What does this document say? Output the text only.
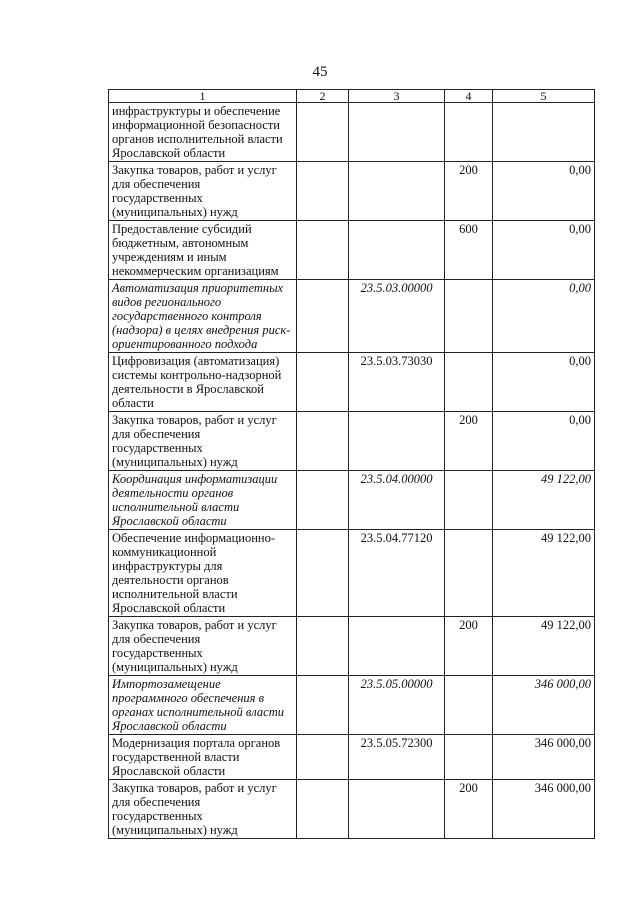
45
1	2	3	4	5
инфраструктуры и обеспечение информационной безопасности органов исполнительной власти Ярославской области				
Закупка товаров, работ и услуг для обеспечения государственных (муниципальных) нужд			200	0,00
Предоставление субсидий бюджетным, автономным учреждениям и иным некоммерческим организациям			600	0,00
Автоматизация приоритетных видов регионального государственного контроля (надзора) в целях внедрения риск-ориентированного подхода		23.5.03.00000		0,00
Цифровизация (автоматизация) системы контрольно-надзорной деятельности в Ярославской области		23.5.03.73030		0,00
Закупка товаров, работ и услуг для обеспечения государственных (муниципальных) нужд			200	0,00
Координация информатизации деятельности органов исполнительной власти Ярославской области		23.5.04.00000		49 122,00
Обеспечение информационно-коммуникационной инфраструктуры для деятельности органов исполнительной власти Ярославской области		23.5.04.77120		49 122,00
Закупка товаров, работ и услуг для обеспечения государственных (муниципальных) нужд			200	49 122,00
Импортозамещение программного обеспечения в органах исполнительной власти Ярославской области		23.5.05.00000		346 000,00
Модернизация портала органов государственной власти Ярославской области		23.5.05.72300		346 000,00
Закупка товаров, работ и услуг для обеспечения государственных (муниципальных) нужд			200	346 000,00
